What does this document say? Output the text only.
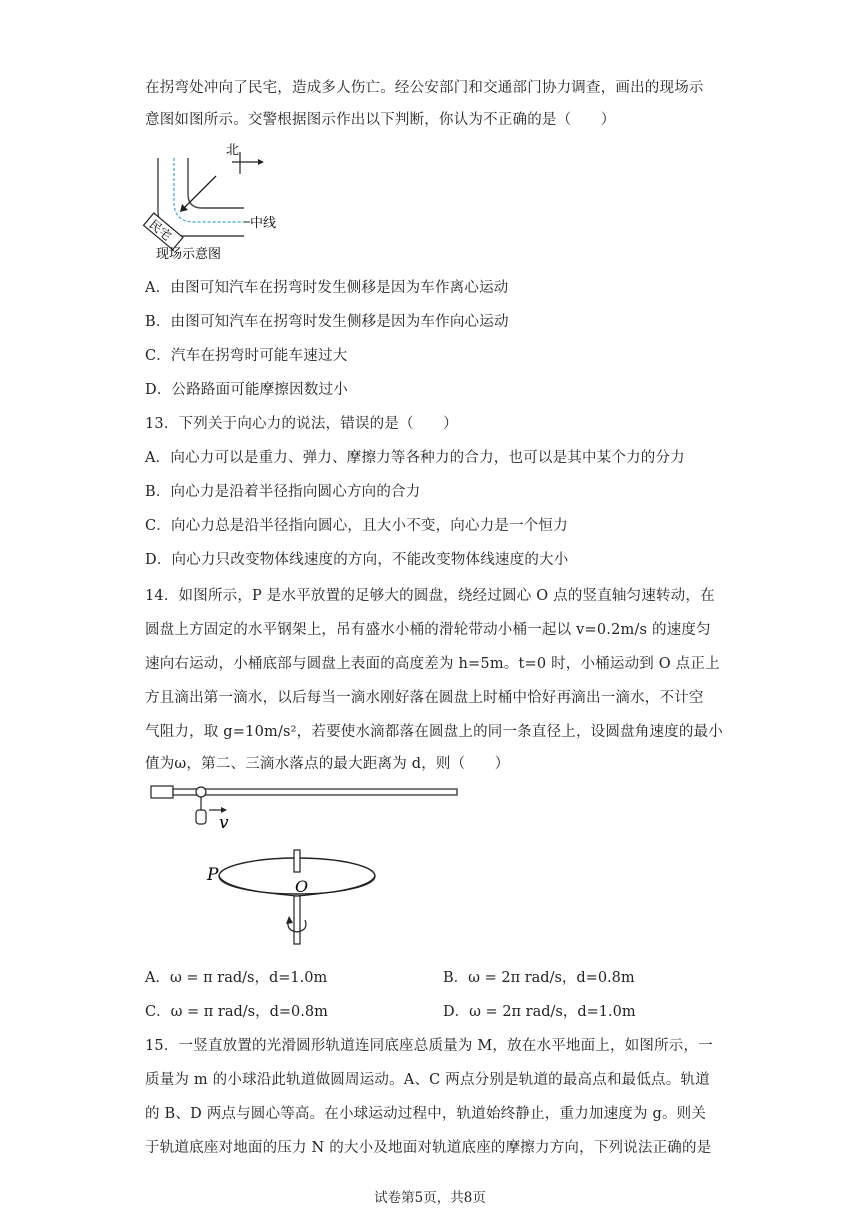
在拐弯处冲向了民宅，造成多人伤亡。经公安部门和交通部门协力调查，画出的现场示
意图如图所示。交警根据图示作出以下判断，你认为不正确的是（　　）
北
中线
民宅
现场示意图
A．由图可知汽车在拐弯时发生侧移是因为车作离心运动
B．由图可知汽车在拐弯时发生侧移是因为车作向心运动
C．汽车在拐弯时可能车速过大
D．公路路面可能摩擦因数过小
13．下列关于向心力的说法，错误的是（　　）
A．向心力可以是重力、弹力、摩擦力等各种力的合力，也可以是其中某个力的分力
B．向心力是沿着半径指向圆心方向的合力
C．向心力总是沿半径指向圆心，且大小不变，向心力是一个恒力
D．向心力只改变物体线速度的方向，不能改变物体线速度的大小
14．如图所示，P 是水平放置的足够大的圆盘，绕经过圆心 O 点的竖直轴匀速转动，在
圆盘上方固定的水平钢架上，吊有盛水小桶的滑轮带动小桶一起以 v=0.2m/s 的速度匀
速向右运动，小桶底部与圆盘上表面的高度差为 h=5m。t=0 时，小桶运动到 O 点正上
方且滴出第一滴水，以后每当一滴水刚好落在圆盘上时桶中恰好再滴出一滴水，不计空
气阻力，取 g=10m/s²，若要使水滴都落在圆盘上的同一条直径上，设圆盘角速度的最小
值为ω，第二、三滴水落点的最大距离为 d，则（　　）
v
P
O
A．ω = π rad/s，d=1.0m	B．ω = 2π rad/s，d=0.8m
C．ω = π rad/s，d=0.8m	D．ω = 2π rad/s，d=1.0m
15．一竖直放置的光滑圆形轨道连同底座总质量为 M，放在水平地面上，如图所示，一
质量为 m 的小球沿此轨道做圆周运动。A、C 两点分别是轨道的最高点和最低点。轨道
的 B、D 两点与圆心等高。在小球运动过程中，轨道始终静止，重力加速度为 g。则关
于轨道底座对地面的压力 N 的大小及地面对轨道底座的摩擦力方向，下列说法正确的是
试卷第5页，共8页
